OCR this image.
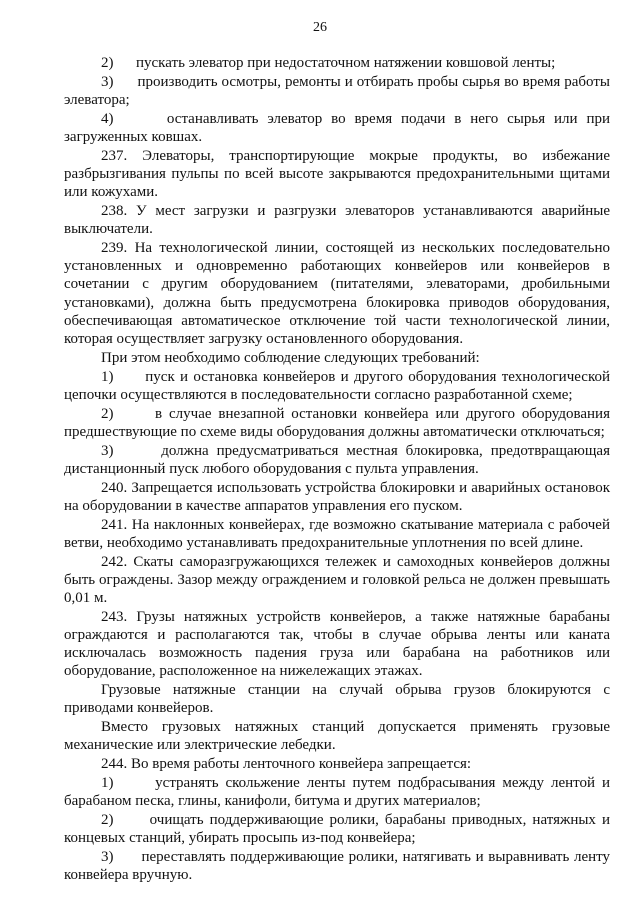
26

2)      пускать элеватор при недостаточном натяжении ковшовой ленты;

3)      производить осмотры, ремонты и отбирать пробы сырья во время работы элеватора;

4)      останавливать элеватор во время подачи в него сырья или при загруженных ковшах.

237. Элеваторы, транспортирующие мокрые продукты, во избежание разбрызгивания пульпы по всей высоте закрываются предохранительными щитами или кожухами.

238. У мест загрузки и разгрузки элеваторов устанавливаются аварийные выключатели.

239. На технологической линии, состоящей из нескольких последовательно установленных и одновременно работающих конвейеров или конвейеров в сочетании с другим оборудованием (питателями, элеваторами, дробильными установками), должна быть предусмотрена блокировка приводов оборудования, обеспечивающая автоматическое отключение той части технологической линии, которая осуществляет загрузку остановленного оборудования.

При этом необходимо соблюдение следующих требований:

1)      пуск и остановка конвейеров и другого оборудования технологической цепочки осуществляются в последовательности согласно разработанной схеме;

2)      в случае внезапной остановки конвейера или другого оборудования предшествующие по схеме виды оборудования должны автоматически отключаться;

3)      должна предусматриваться местная блокировка, предотвращающая дистанционный пуск любого оборудования с пульта управления.

240. Запрещается использовать устройства блокировки и аварийных остановок на оборудовании в качестве аппаратов управления его пуском.

241. На наклонных конвейерах, где возможно скатывание материала с рабочей ветви, необходимо устанавливать предохранительные уплотнения по всей длине.

242. Скаты саморазгружающихся тележек и самоходных конвейеров должны быть ограждены. Зазор между ограждением и головкой рельса не должен превышать 0,01 м.

243. Грузы натяжных устройств конвейеров, а также натяжные барабаны ограждаются и располагаются так, чтобы в случае обрыва ленты или каната исключалась возможность падения груза или барабана на работников или оборудование, расположенное на нижележащих этажах.

Грузовые натяжные станции на случай обрыва грузов блокируются с приводами конвейеров.

Вместо грузовых натяжных станций допускается применять грузовые механические или электрические лебедки.

244. Во время работы ленточного конвейера запрещается:

1)      устранять скольжение ленты путем подбрасывания между лентой и барабаном песка, глины, канифоли, битума и других материалов;

2)      очищать поддерживающие ролики, барабаны приводных, натяжных и концевых станций, убирать просыпь из-под конвейера;

3)      переставлять поддерживающие ролики, натягивать и выравнивать ленту конвейера вручную.
